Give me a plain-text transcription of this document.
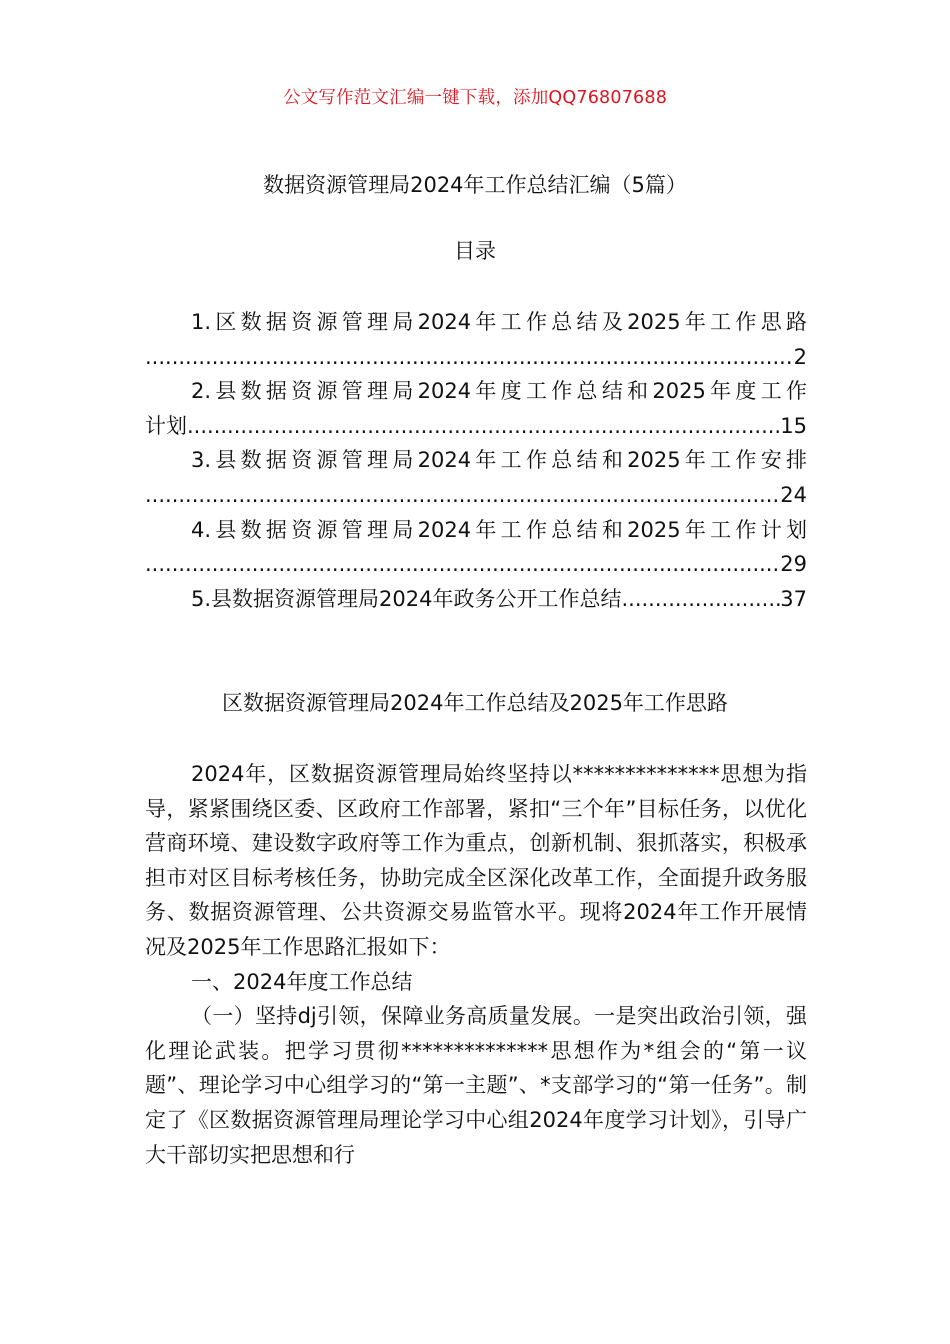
公文写作范文汇编一键下载，添加QQ76807688
数据资源管理局2024年工作总结汇编（5篇）
目录
1.区数据资源管理局2024年工作总结及2025年工作思路
.....
2
2.县数据资源管理局2024年度工作总结和2025年度工作
计划 .....	15
3.县数据资源管理局2024年工作总结和2025年工作安排
.....
24
4.县数据资源管理局2024年工作总结和2025年工作计划
.....
29
5.县数据资源管理局2024年政务公开工作总结 .....	37
区数据资源管理局2024年工作总结及2025年工作思路

2024年，区数据资源管理局始终坚持以**************思想为指导，紧紧围绕区委、区政府工作部署，紧扣“三个年”目标任务，以优化营商环境、建设数字政府等工作为重点，创新机制、狠抓落实，积极承担市对区目标考核任务，协助完成全区深化改革工作，全面提升政务服务、数据资源管理、公共资源交易监管水平。现将2024年工作开展情况及2025年工作思路汇报如下：

一、2024年度工作总结

（一）坚持dj引领，保障业务高质量发展。一是突出政治引领，强化理论武装。把学习贯彻**************思想作为*组会的“第一议题”、理论学习中心组学习的“第一主题”、*支部学习的“第一任务”。制定了《区数据资源管理局理论学习中心组2024年度学习计划》，引导广大干部切实把思想和行
